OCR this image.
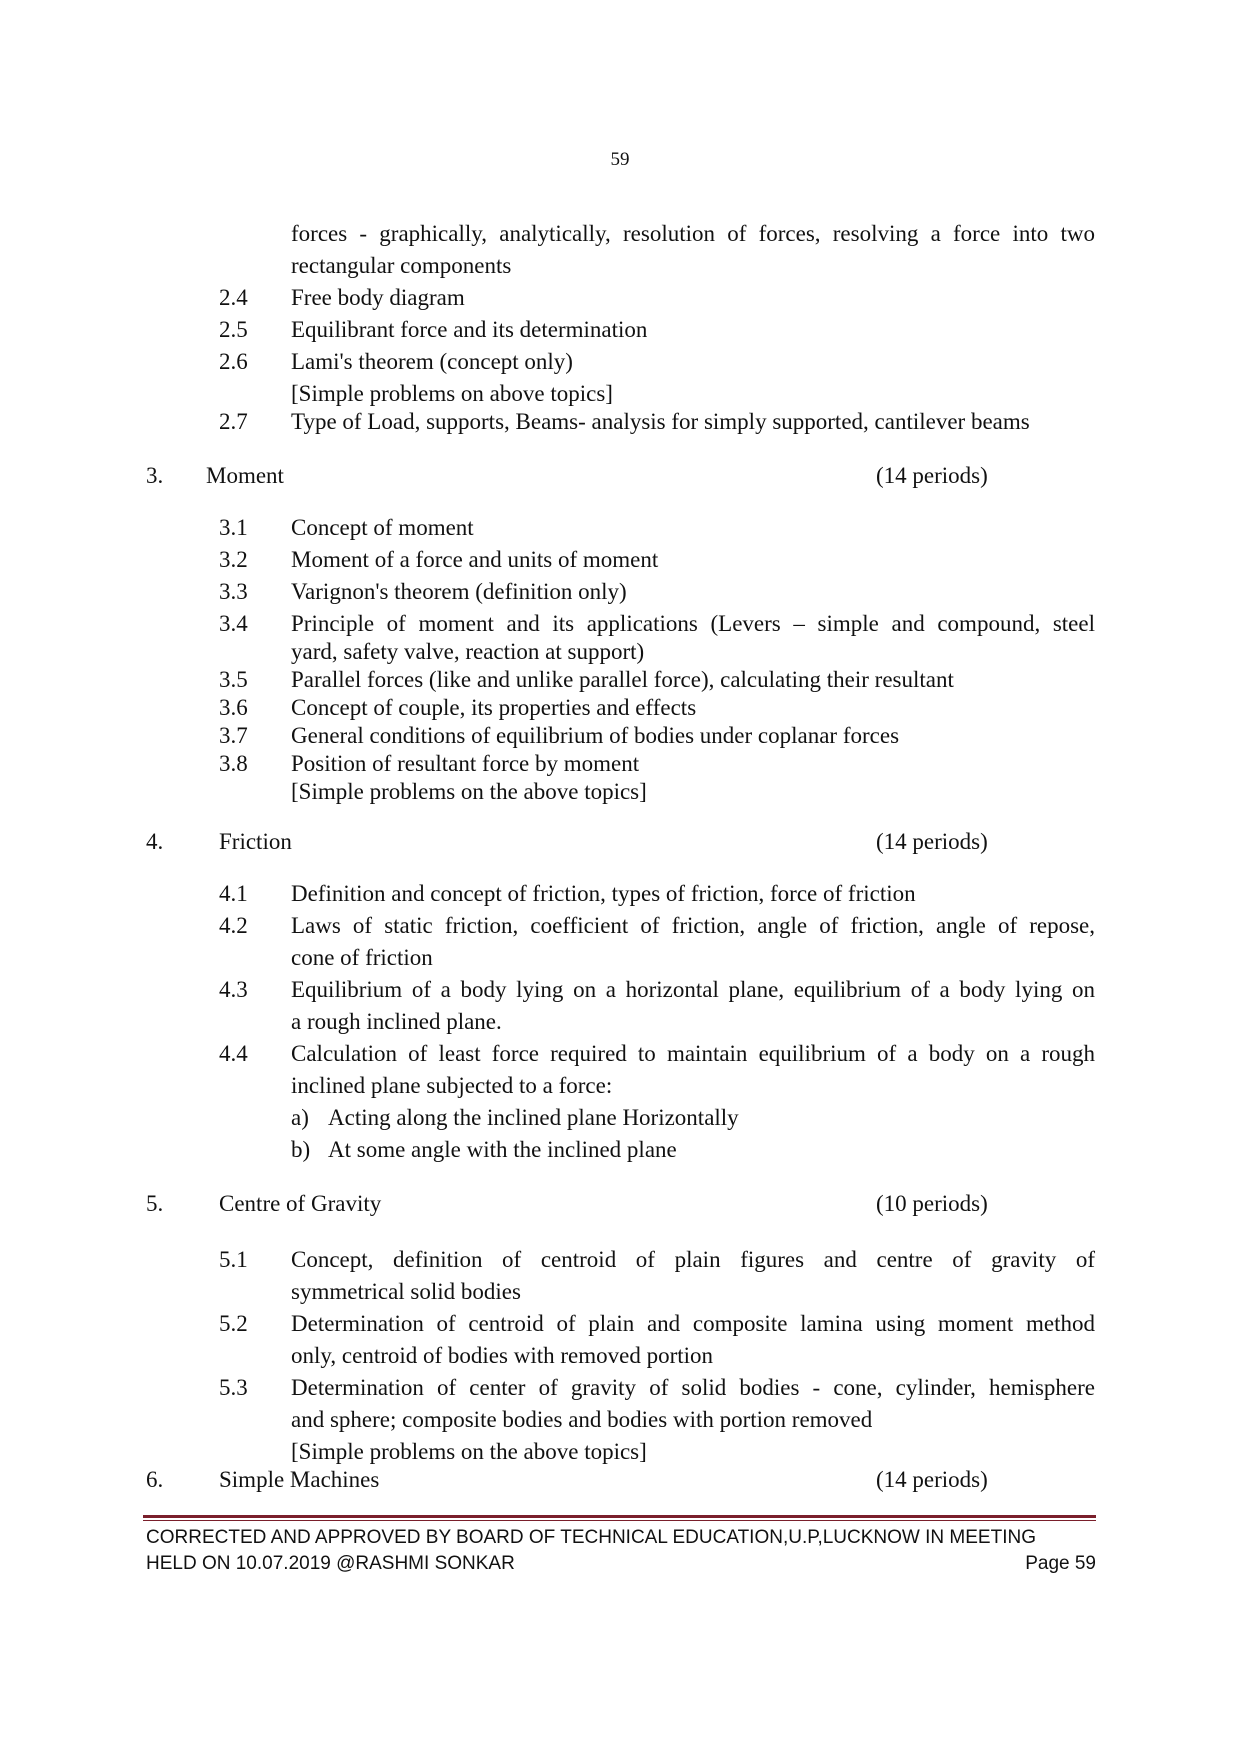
59
forces - graphically, analytically, resolution of forces, resolving a force into two
rectangular components
2.4 Free body diagram
2.5 Equilibrant force and its determination
2.6 Lami's theorem (concept only)
[Simple problems on above topics]
2.7 Type of Load, supports, Beams- analysis for simply supported, cantilever beams
3. Moment	(14 periods)
3.1 Concept of moment
3.2 Moment of a force and units of moment
3.3 Varignon's theorem (definition only)
3.4 Principle of moment and its applications (Levers – simple and compound, steel
yard, safety valve, reaction at support)
3.5 Parallel forces (like and unlike parallel force), calculating their resultant
3.6 Concept of couple, its properties and effects
3.7 General conditions of equilibrium of bodies under coplanar forces
3.8 Position of resultant force by moment
[Simple problems on the above topics]
4. Friction	(14 periods)
4.1 Definition and concept of friction, types of friction, force of friction
4.2 Laws of static friction, coefficient of friction, angle of friction, angle of repose,
cone of friction
4.3 Equilibrium of a body lying on a horizontal plane, equilibrium of a body lying on
a rough inclined plane.
4.4 Calculation of least force required to maintain equilibrium of a body on a rough
inclined plane subjected to a force:
a) Acting along the inclined plane Horizontally
b) At some angle with the inclined plane
5. Centre of Gravity	(10 periods)
5.1 Concept, definition of centroid of plain figures and centre of gravity of
symmetrical solid bodies
5.2 Determination of centroid of plain and composite lamina using moment method
only, centroid of bodies with removed portion
5.3 Determination of center of gravity of solid bodies - cone, cylinder, hemisphere
and sphere; composite bodies and bodies with portion removed
[Simple problems on the above topics]
6. Simple Machines	(14 periods)
CORRECTED AND APPROVED BY BOARD OF TECHNICAL EDUCATION,U.P,LUCKNOW IN MEETING
HELD ON 10.07.2019 @RASHMI SONKAR	Page 59
